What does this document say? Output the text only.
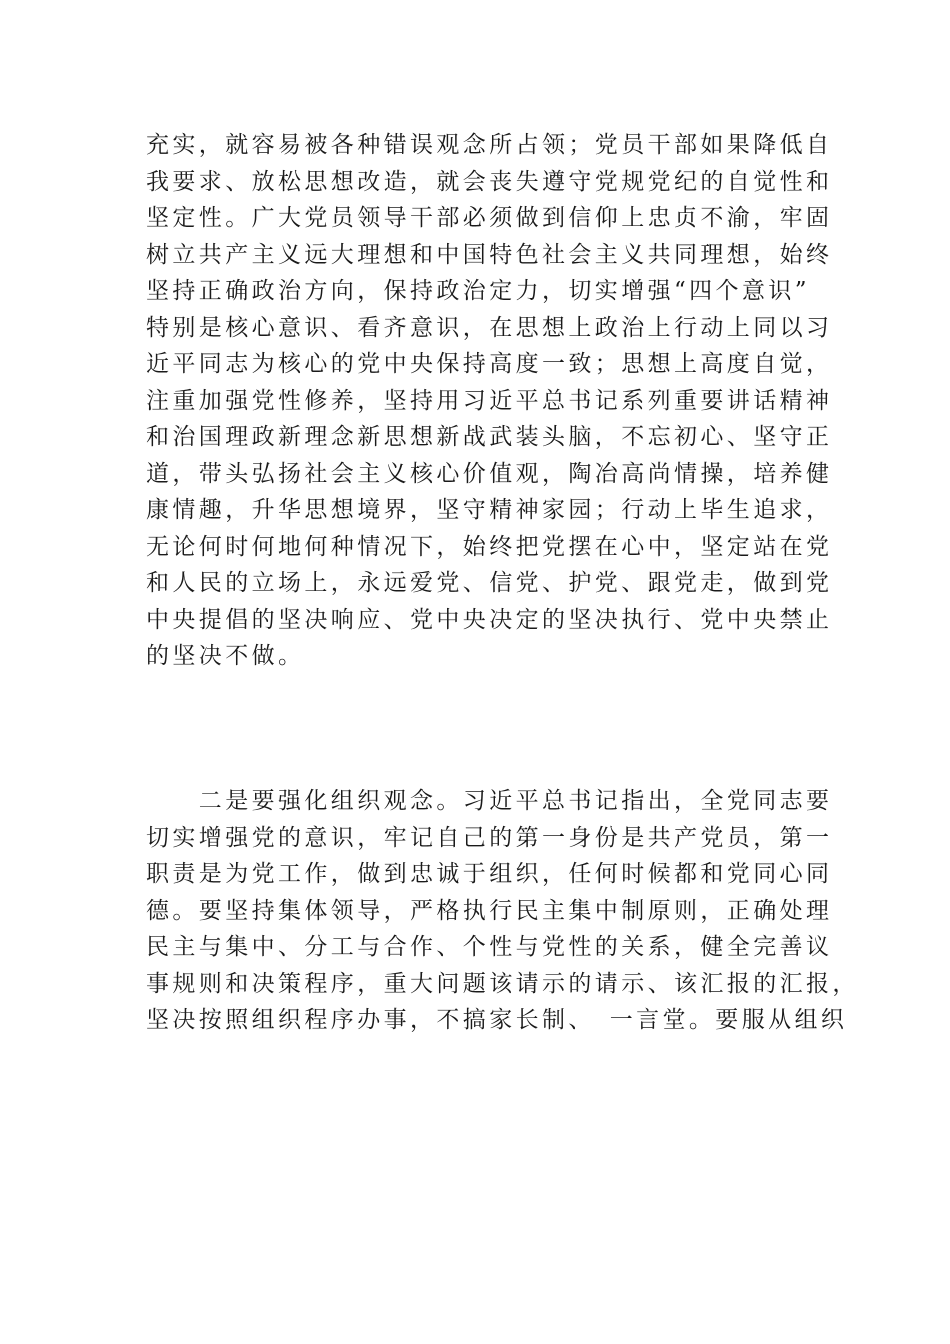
充实，就容易被各种错误观念所占领；党员干部如果降低自
我要求、放松思想改造，就会丧失遵守党规党纪的自觉性和
坚定性。广大党员领导干部必须做到信仰上忠贞不渝，牢固
树立共产主义远大理想和中国特色社会主义共同理想，始终
坚持正确政治方向，保持政治定力，切实增强“四个意识”
特别是核心意识、看齐意识，在思想上政治上行动上同以习
近平同志为核心的党中央保持高度一致；思想上高度自觉，
注重加强党性修养，坚持用习近平总书记系列重要讲话精神
和治国理政新理念新思想新战武装头脑，不忘初心、坚守正
道，带头弘扬社会主义核心价值观，陶冶高尚情操，培养健
康情趣，升华思想境界，坚守精神家园；行动上毕生追求，
无论何时何地何种情况下，始终把党摆在心中，坚定站在党
和人民的立场上，永远爱党、信党、护党、跟党走，做到党
中央提倡的坚决响应、党中央决定的坚决执行、党中央禁止
的坚决不做。
　　二是要强化组织观念。习近平总书记指出，全党同志要
切实增强党的意识，牢记自己的第一身份是共产党员，第一
职责是为党工作，做到忠诚于组织，任何时候都和党同心同
德。要坚持集体领导，严格执行民主集中制原则，正确处理
民主与集中、分工与合作、个性与党性的关系，健全完善议
事规则和决策程序，重大问题该请示的请示、该汇报的汇报，
坚决按照组织程序办事，不搞家长制、　一言堂。要服从组织
